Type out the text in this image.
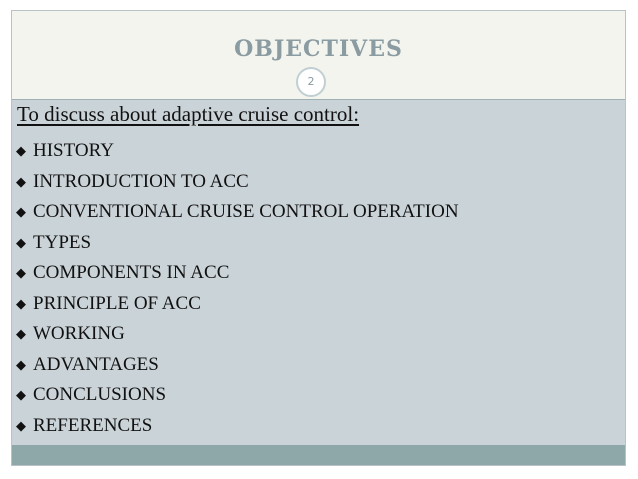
OBJECTIVES
2
To discuss about adaptive cruise control:
◆ HISTORY
◆ INTRODUCTION TO ACC
◆ CONVENTIONAL CRUISE CONTROL OPERATION
◆ TYPES
◆ COMPONENTS IN ACC
◆ PRINCIPLE OF ACC
◆ WORKING
◆ ADVANTAGES
◆ CONCLUSIONS
◆ REFERENCES
